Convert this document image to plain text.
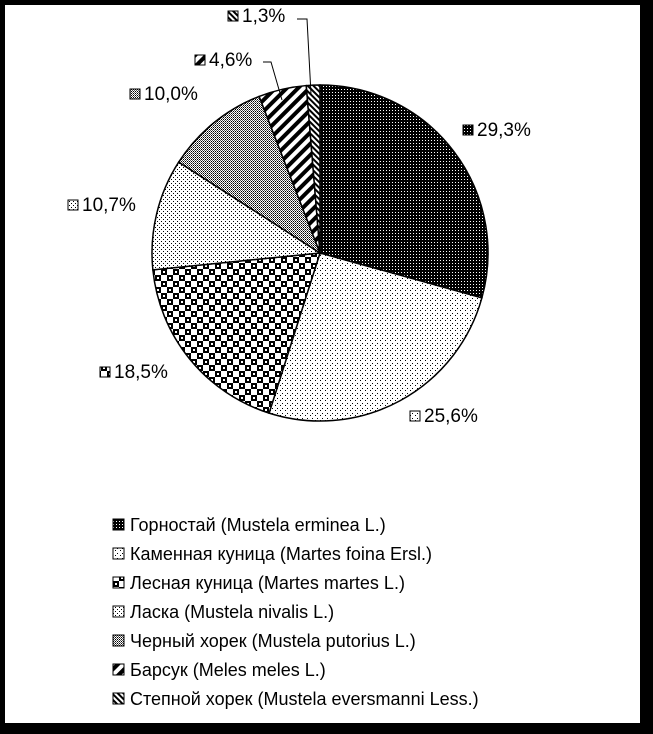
29,3%
25,6%
18,5%
10,7%
10,0%
4,6%
1,3%
Горностай (Mustela erminea L.)
Каменная куница (Martes foina Ersl.)
Лесная куница (Martes martes L.)
Ласка (Mustela nivalis L.)
Черный хорек (Mustela putorius L.)
Барсук (Meles meles L.)
Степной хорек (Mustela eversmanni Less.)
